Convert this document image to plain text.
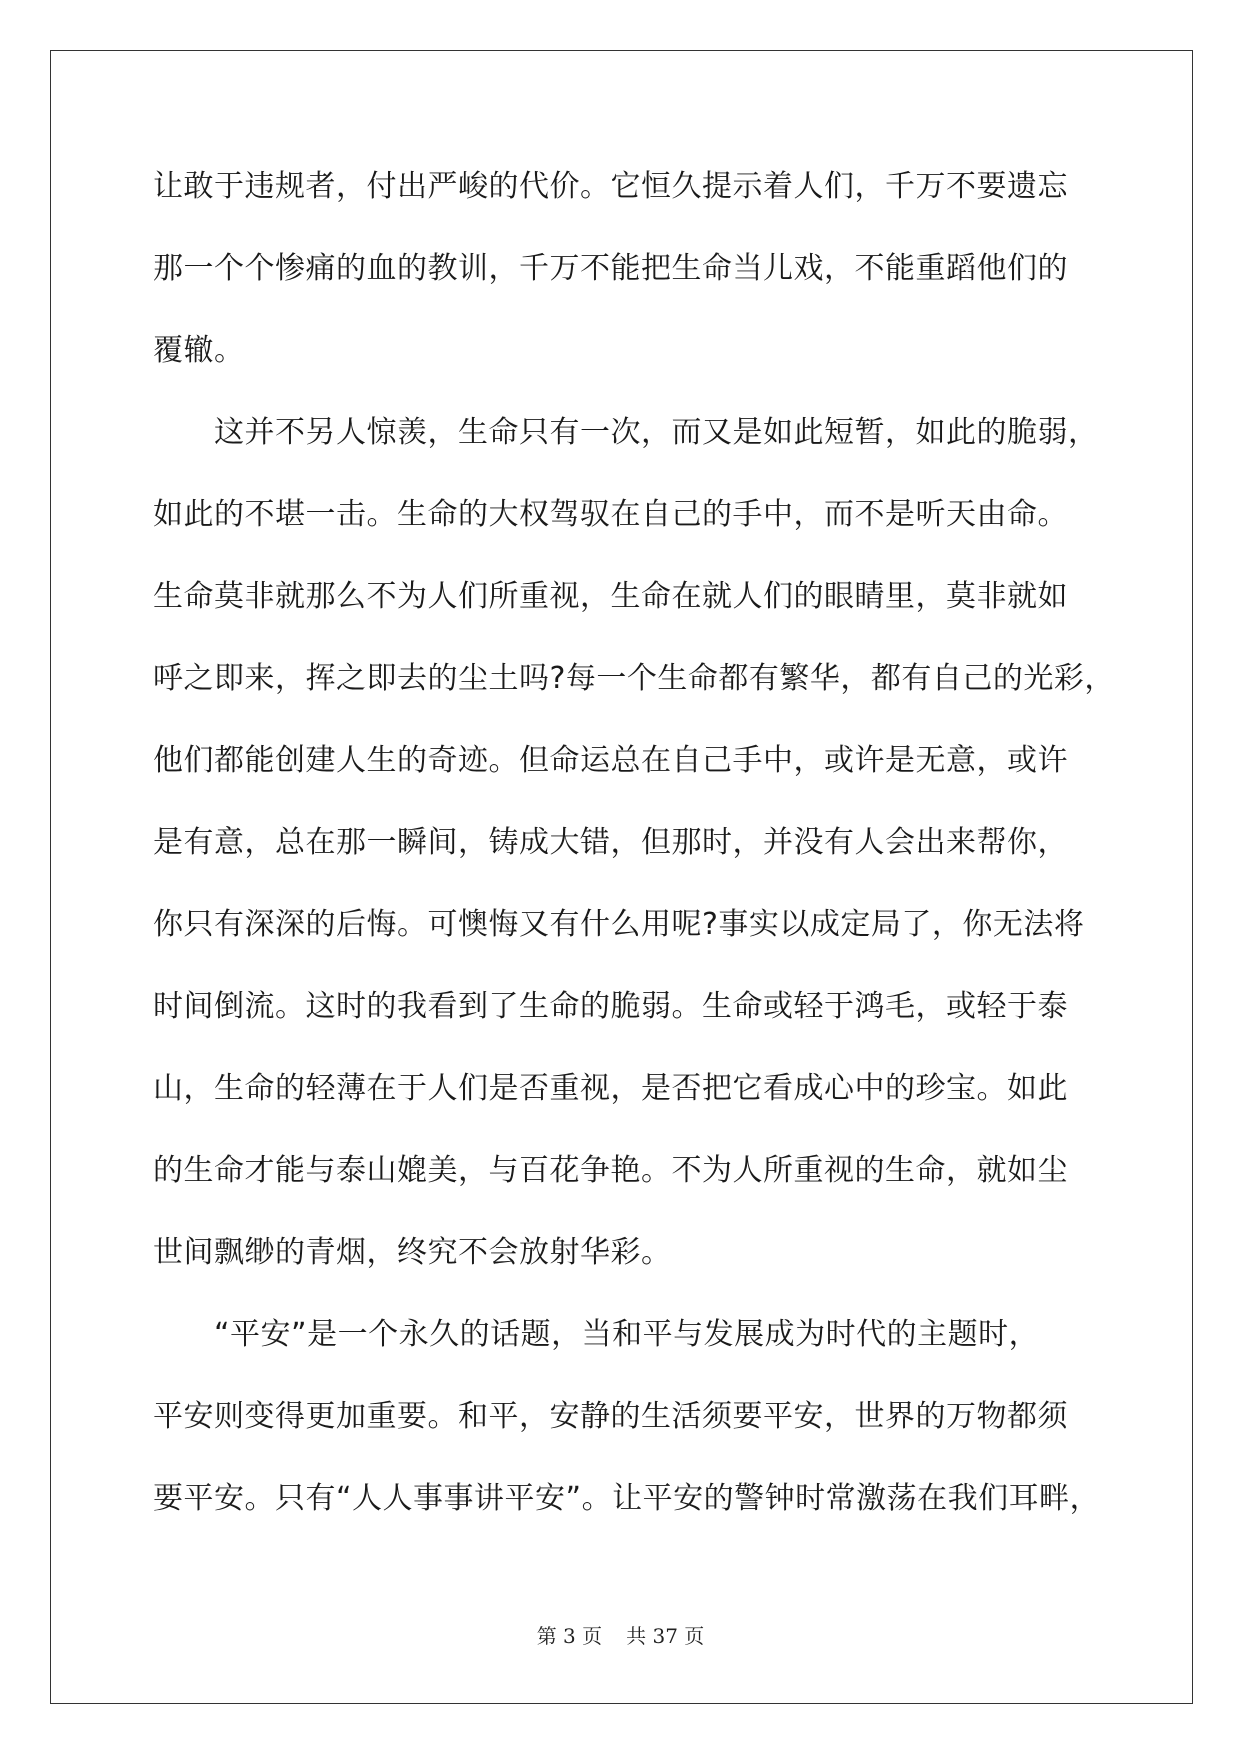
让敢于违规者，付出严峻的代价。它恒久提示着人们，千万不要遗忘
那一个个惨痛的血的教训，千万不能把生命当儿戏，不能重蹈他们的
覆辙。
　　这并不另人惊羡，生命只有一次，而又是如此短暂，如此的脆弱，
如此的不堪一击。生命的大权驾驭在自己的手中，而不是听天由命。
生命莫非就那么不为人们所重视，生命在就人们的眼睛里，莫非就如
呼之即来，挥之即去的尘土吗?每一个生命都有繁华，都有自己的光彩，
他们都能创建人生的奇迹。但命运总在自己手中，或许是无意，或许
是有意，总在那一瞬间，铸成大错，但那时，并没有人会出来帮你，
你只有深深的后悔。可懊悔又有什么用呢?事实以成定局了，你无法将
时间倒流。这时的我看到了生命的脆弱。生命或轻于鸿毛，或轻于泰
山，生命的轻薄在于人们是否重视，是否把它看成心中的珍宝。如此
的生命才能与泰山媲美，与百花争艳。不为人所重视的生命，就如尘
世间飘缈的青烟，终究不会放射华彩。
　　“平安”是一个永久的话题，当和平与发展成为时代的主题时，
平安则变得更加重要。和平，安静的生活须要平安，世界的万物都须
要平安。只有“人人事事讲平安”。让平安的警钟时常激荡在我们耳畔，
第 3 页 共 37 页
